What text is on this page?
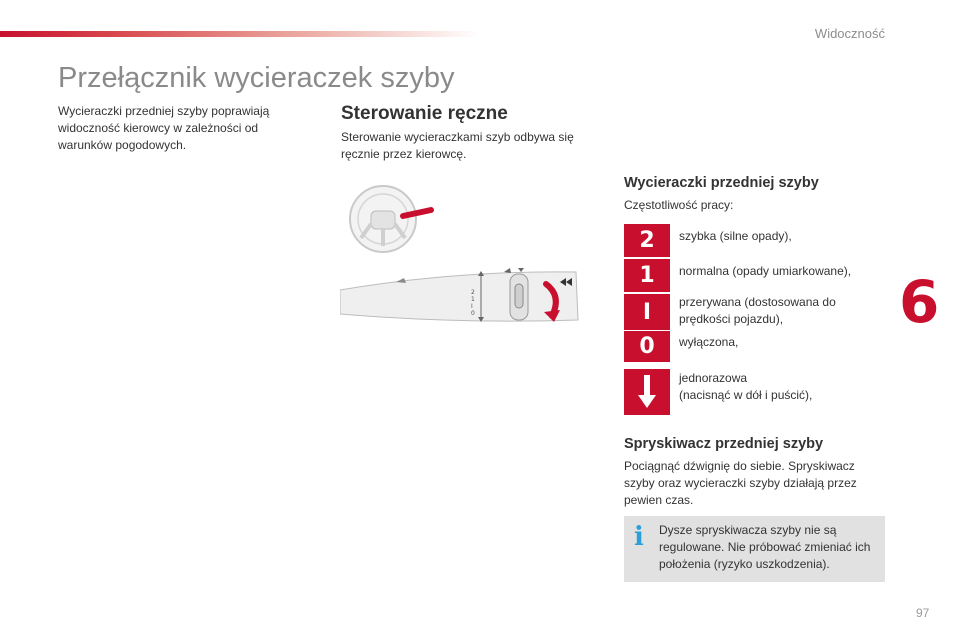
Widoczność
6
Przełącznik wycieraczek szyby
Wycieraczki przedniej szyby poprawiają widoczność kierowcy w zależności od warunków pogodowych.
Sterowanie ręczne
Sterowanie wycieraczkami szyb odbywa się ręcznie przez kierowcę.
2
1
I
0
Wycieraczki przedniej szyby
Częstotliwość pracy:
2 szybka (silne opady),
1 normalna (opady umiarkowane),
I przerywana (dostosowana do prędkości pojazdu),
0 wyłączona,
jednorazowa
(nacisnąć w dół i puścić),
Spryskiwacz przedniej szyby
Pociągnąć dźwignię do siebie. Spryskiwacz szyby oraz wycieraczki szyby działają przez pewien czas.
i Dysze spryskiwacza szyby nie są regulowane. Nie próbować zmieniać ich położenia (ryzyko uszkodzenia).
97
